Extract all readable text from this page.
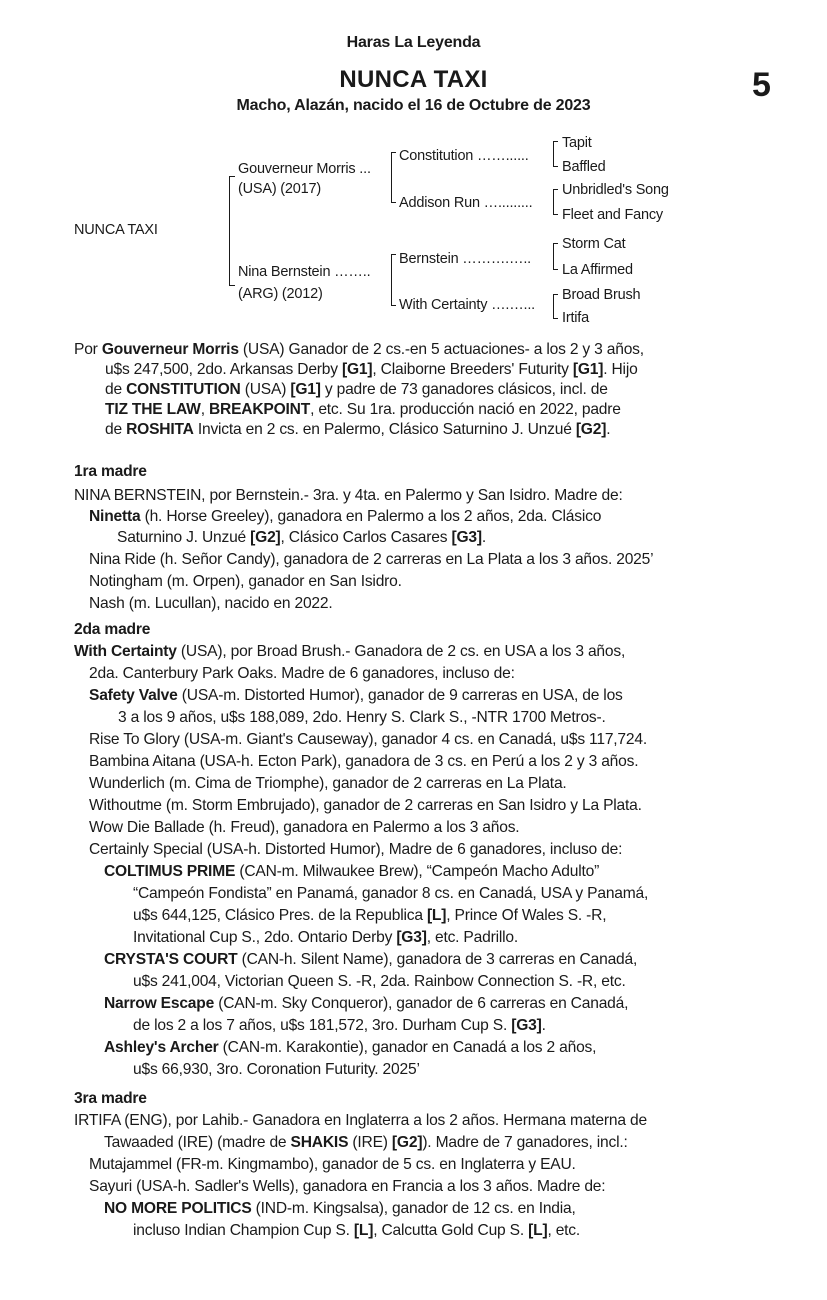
Haras La Leyenda
NUNCA TAXI
Macho, Alazán, nacido el 16 de Octubre de 2023
5
NUNCA TAXI
Gouverneur Morris ...
(USA) (2017)
Nina Bernstein ……..
(ARG) (2012)
Constitution ……......
Addison Run ….........
Bernstein ……….…..
With Certainty ….…...
Tapit
Baffled
Unbridled's Song
Fleet and Fancy
Storm Cat
La Affirmed
Broad Brush
Irtifa
Por Gouverneur Morris (USA) Ganador de 2 cs.-en 5 actuaciones- a los 2 y 3 años,
u$s 247,500, 2do. Arkansas Derby [G1], Claiborne Breeders' Futurity [G1]. Hijo
de CONSTITUTION (USA) [G1] y padre de 73 ganadores clásicos, incl. de
TIZ THE LAW, BREAKPOINT, etc. Su 1ra. producción nació en 2022, padre
de ROSHITA Invicta en 2 cs. en Palermo, Clásico Saturnino J. Unzué [G2].
1ra madre
NINA BERNSTEIN, por Bernstein.- 3ra. y 4ta. en Palermo y San Isidro. Madre de:
Ninetta (h. Horse Greeley), ganadora en Palermo a los 2 años, 2da. Clásico
Saturnino J. Unzué [G2], Clásico Carlos Casares [G3].
Nina Ride (h. Señor Candy), ganadora de 2 carreras en La Plata a los 3 años. 2025’
Notingham (m. Orpen), ganador en San Isidro.
Nash (m. Lucullan), nacido en 2022.
2da madre
With Certainty (USA), por Broad Brush.- Ganadora de 2 cs. en USA a los 3 años,
2da. Canterbury Park Oaks. Madre de 6 ganadores, incluso de:
Safety Valve (USA-m. Distorted Humor), ganador de 9 carreras en USA, de los
3 a los 9 años, u$s 188,089, 2do. Henry S. Clark S., -NTR 1700 Metros-.
Rise To Glory (USA-m. Giant's Causeway), ganador 4 cs. en Canadá, u$s 117,724.
Bambina Aitana (USA-h. Ecton Park), ganadora de 3 cs. en Perú a los 2 y 3 años.
Wunderlich (m. Cima de Triomphe), ganador de 2 carreras en La Plata.
Withoutme (m. Storm Embrujado), ganador de 2 carreras en San Isidro y La Plata.
Wow Die Ballade (h. Freud), ganadora en Palermo a los 3 años.
Certainly Special (USA-h. Distorted Humor), Madre de 6 ganadores, incluso de:
COLTIMUS PRIME (CAN-m. Milwaukee Brew), “Campeón Macho Adulto”
“Campeón Fondista” en Panamá, ganador 8 cs. en Canadá, USA y Panamá,
u$s 644,125, Clásico Pres. de la Republica [L], Prince Of Wales S. -R,
Invitational Cup S., 2do. Ontario Derby [G3], etc. Padrillo.
CRYSTA'S COURT (CAN-h. Silent Name), ganadora de 3 carreras en Canadá,
u$s 241,004, Victorian Queen S. -R, 2da. Rainbow Connection S. -R, etc.
Narrow Escape (CAN-m. Sky Conqueror), ganador de 6 carreras en Canadá,
de los 2 a los 7 años, u$s 181,572, 3ro. Durham Cup S. [G3].
Ashley's Archer (CAN-m. Karakontie), ganador en Canadá a los 2 años,
u$s 66,930, 3ro. Coronation Futurity. 2025’
3ra madre
IRTIFA (ENG), por Lahib.- Ganadora en Inglaterra a los 2 años. Hermana materna de
Tawaaded (IRE) (madre de SHAKIS (IRE) [G2]). Madre de 7 ganadores, incl.:
Mutajammel (FR-m. Kingmambo), ganador de 5 cs. en Inglaterra y EAU.
Sayuri (USA-h. Sadler's Wells), ganadora en Francia a los 3 años. Madre de:
NO MORE POLITICS (IND-m. Kingsalsa), ganador de 12 cs. en India,
incluso Indian Champion Cup S. [L], Calcutta Gold Cup S. [L], etc.
